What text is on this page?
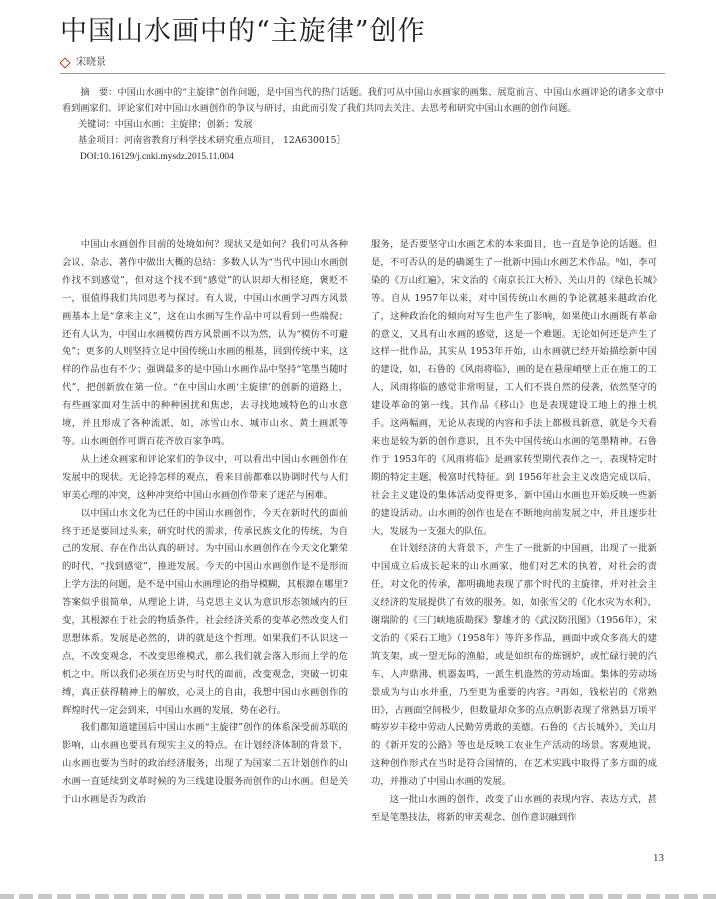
中国山水画中的“主旋律”创作
宋晓景

摘　要：中国山水画中的“主旋律”创作问题，是中国当代的热门话题。我们可从中国山水画家的画集、展览前言、中国山水画评论的诸多文章中看到画家们、评论家们对中国山水画创作的争议与研讨，由此而引发了我们共同去关注、去思考和研究中国山水画的创作问题。

关键词：中国山水画；主旋律；创新；发展

基金项目：河南省教育厅科学技术研究重点项目， 12A630015］

DOI:10.16129/j.cnki.mysdz.2015.11.004

中国山水画创作目前的处境如何？现状又是如何？我们可从各种会议、杂志、著作中做出大概的总结：多数人认为“当代中国山水画创作找不到感觉”，但对这个找不到“感觉”的认识却大相径庭，褒贬不一，很值得我们共同思考与探讨。有人说，中国山水画学习西方风景画基本上是“拿来主义”，这在山水画写生作品中可以看到一些端倪；还有人认为，中国山水画模仿西方风景画不以为然，认为“模仿不可避免”；更多的人则坚持立足中国传统山水画的根基，回到传统中来，这样的作品也有不少；强调最多的是中国山水画作品中坚持“笔墨当随时代”，把创新放在第一位。“在中国山水画‘主旋律’的创新的道路上，有些画家面对生活中的种种困扰和焦虑，去寻找地域特色的山水意境，并且形成了各种流派，如，冰雪山水、城市山水、黄土画派等等。山水画创作可谓百花齐放百家争鸣。

从上述众画家和评论家们的争议中，可以看出中国山水画创作在发展中的现状。无论持怎样的观点，看来目前都难以协调时代与人们审美心理的冲突，这种冲突给中国山水画创作带来了迷茫与困难。

以中国山水文化为已任的中国山水画创作，今天在新时代的面前终于还是要回过头来，研究时代的需求，传承民族文化的传统，为自己的发展、存在作出认真的研讨。为中国山水画创作在今天文化繁荣的时代，“找到感觉”，推进发展。今天的中国山水画创作是不是形而上学方法的问题，是不是中国山水画理论的指导模糊，其根源在哪里?答案似乎很简单，从理论上讲，马克思主义认为意识形态领域内的巨变，其根源在于社会的物质条件，社会经济关系的变革必然改变人们思想体系。发展是必然的，讲的就是这个哲理。如果我们不认识这一点，不改变观念，不改变思维模式，那么我们就会落入形而上学的危机之中。所以我们必须在历史与时代的面前，改变观念，突破一切束缚，真正获得精神上的解放，心灵上的自由，我想中国山水画创作的辉煌时代一定会到来，中国山水画的发展，势在必行。

我们都知道建国后中国山水画“主旋律”创作的体系深受前苏联的影响，山水画也要具有现实主义的特点。在计划经济体制的背景下，山水画也要为当时的政治经济服务，出现了为国家二五计划创作的山水画一直延续到文革时候的为三线建设服务而创作的山水画。但是关于山水画是否为政治

服务，是否要坚守山水画艺术的本来面目，也一直是争论的话题。但是，不可否认的是的确诞生了一批新中国山水画艺术作品。⁰如，李可染的《万山红遍》，宋文治的《南京长江大桥》、关山月的《绿色长城》等。自从 1957年以来，对中国传统山水画的争论就越来越政治化了，这种政治化的倾向对写生也产生了影响，如果使山水画既有革命的意义，又具有山水画的感觉，这是一个难题。无论如何还是产生了这样一批作品，其实从 1953年开始，山水画就已经开始描绘新中国的建设，如，石鲁的《风雨将临》，画的是在悬崖峭壁上正在施工的工人，风雨将临的感觉非常明显，工人们不畏自然的侵袭，依然坚守的建设革命的第一线。其作品《移山》也是表现建设工地上的推土机手。这两幅画，无论从表现的内容和手法上都极具新意，就是今天看来也是较为新的创作意识，且不失中国传统山水画的笔墨精神。石鲁作于 1953年的《风雨将临》是画家转型期代表作之一，表现特定时期的特定主题，极富时代特征。到 1956年社会主义改造完成以后，社会主义建设的集体活动变得更多，新中国山水画也开始反映一些新的建设活动。山水画的创作也是在不断地向前发展之中，并且逐步壮大，发展为一支强大的队伍。

在计划经济的大背景下，产生了一批新的中国画，出现了一批新中国成立后成长起来的山水画家，他们对艺术的执着，对社会的责任，对文化的传承，都明确地表现了那个时代的主旋律，并对社会主义经济的发展提供了有效的服务。如，如张雪父的《化水灾为水利》，谢瑞阶的《三门峡地质勘探》黎雄才的《武汉防汛图》（1956年），宋文治的《采石工地》（1958年）等许多作品，画面中或众多高大的建筑支架，或一望无际的渔船，或是如织布的炼钢炉，或忙碌行驶的汽车、人声鼎沸、机器轰鸣，一派生机盎然的劳动场面。集体的劳动场景成为与山水并重，乃至更为重要的内容。³再如，钱松岩的《常熟田》，占画面空间极少，但数量却众多的点点帆影表现了常熟县万顷平畴岁岁丰稔中劳动人民勤劳勇敢的美德。石鲁的《古长城外》，关山月的《新开发的公路》等也是反映工农业生产活动的场景。客观地说，这种创作形式在当时是符合国情的，在艺术实践中取得了多方面的成功，并推动了中国山水画的发展。

这一批山水画的创作，改变了山水画的表现内容、表达方式，甚至是笔墨技法，将新的审美观念、创作意识融到作

13
